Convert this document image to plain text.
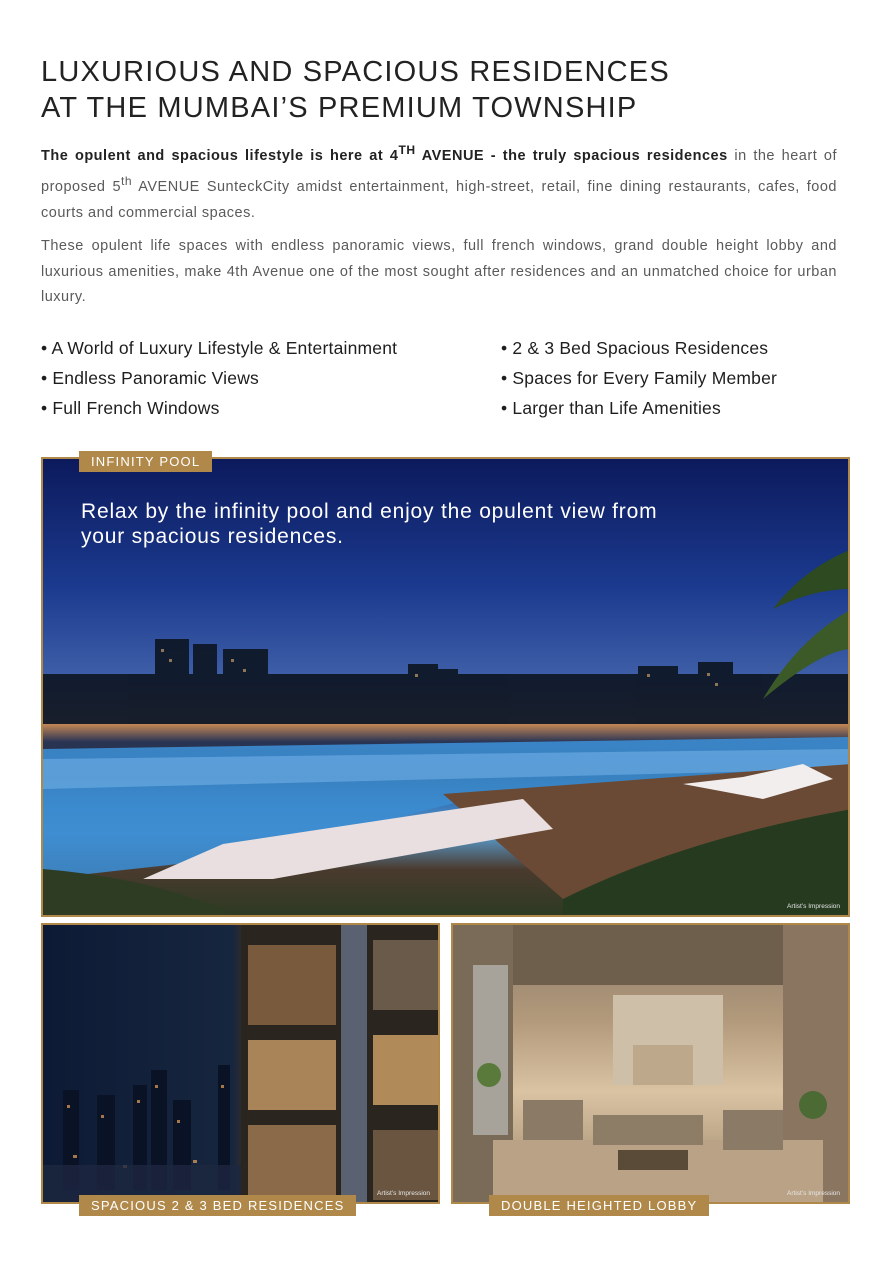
LUXURIOUS AND SPACIOUS RESIDENCES
AT THE MUMBAI’S PREMIUM TOWNSHIP

The opulent and spacious lifestyle is here at 4TH AVENUE - the truly spacious residences in the heart of proposed 5th AVENUE SunteckCity amidst entertainment, high-street, retail, fine dining restaurants, cafes, food courts and commercial spaces.

These opulent life spaces with endless panoramic views, full french windows, grand double height lobby and luxurious amenities, make 4th Avenue one of the most sought after residences and an unmatched choice for urban luxury.

• A World of Luxury Lifestyle & Entertainment
• Endless Panoramic Views
• Full French Windows
• 2 & 3 Bed Spacious Residences
• Spaces for Every Family Member
• Larger than Life Amenities
Relax by the infinity pool and enjoy the opulent view from your spacious residences.
Artist’s Impression
INFINITY POOL
Artist’s Impression
SPACIOUS 2 & 3 BED RESIDENCES
Artist’s Impression
DOUBLE HEIGHTED LOBBY
